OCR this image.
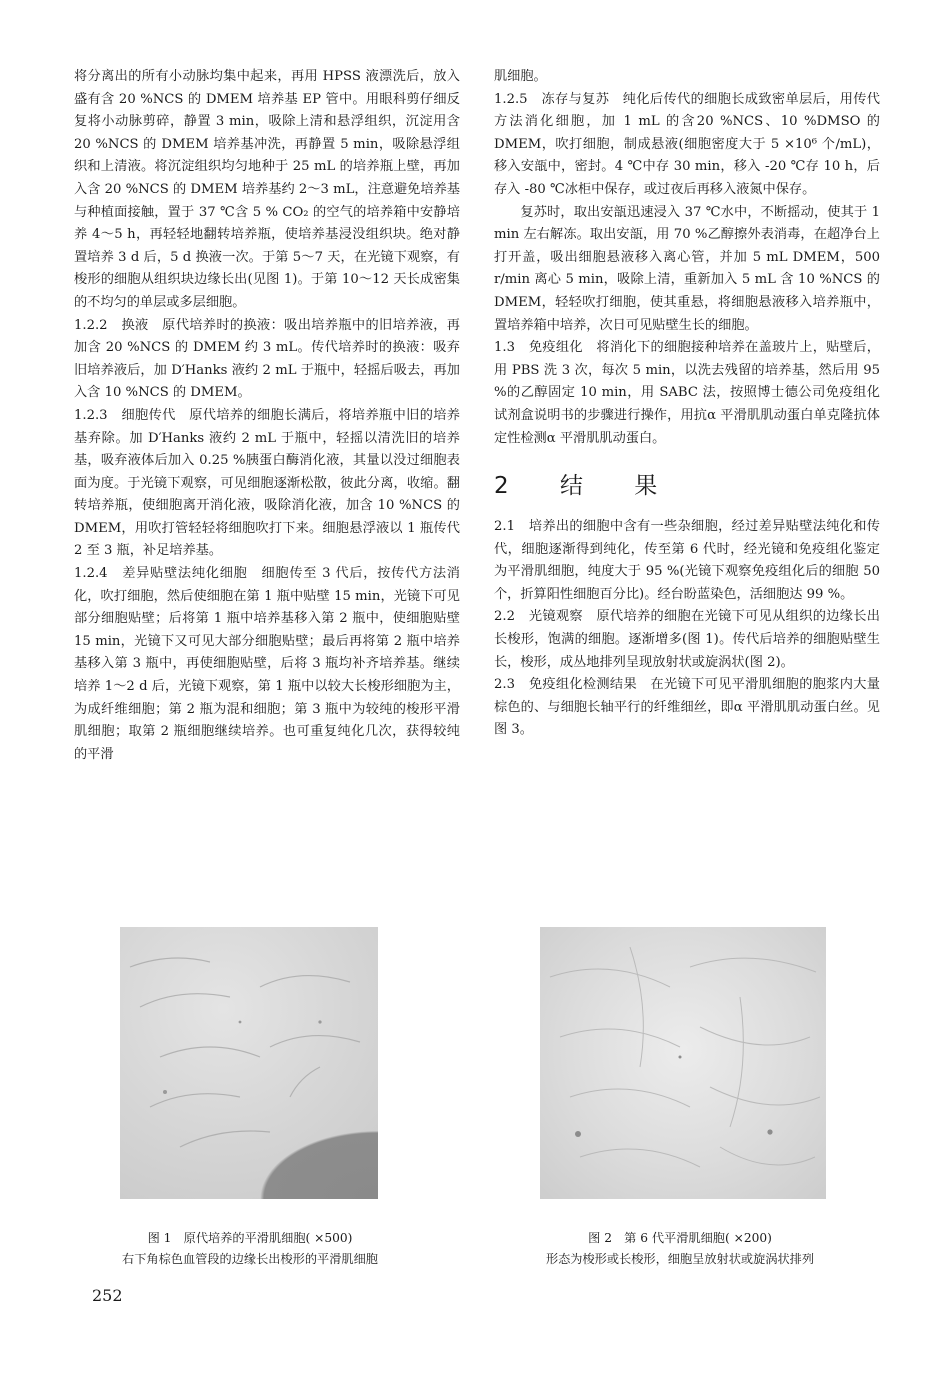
将分离出的所有小动脉均集中起来，再用 HPSS 液漂洗后，放入盛有含 20 %NCS 的 DMEM 培养基 EP 管中。用眼科剪仔细反复将小动脉剪碎，静置 3 min，吸除上清和悬浮组织，沉淀用含 20 %NCS 的 DMEM 培养基冲洗，再静置 5 min，吸除悬浮组织和上清液。将沉淀组织均匀地种于 25 mL 的培养瓶上壁，再加入含 20 %NCS 的 DMEM 培养基约 2～3 mL，注意避免培养基与种植面接触，置于 37 ℃含 5 % CO₂ 的空气的培养箱中安静培养 4～5 h，再轻轻地翻转培养瓶，使培养基浸没组织块。绝对静置培养 3 d 后，5 d 换液一次。于第 5～7 天，在光镜下观察，有梭形的细胞从组织块边缘长出(见图 1)。于第 10～12 天长成密集的不均匀的单层或多层细胞。

1.2.2　换液　原代培养时的换液：吸出培养瓶中的旧培养液，再加含 20 %NCS 的 DMEM 约 3 mL。传代培养时的换液：吸弃旧培养液后，加 D′Hanks 液约 2 mL 于瓶中，轻摇后吸去，再加入含 10 %NCS 的 DMEM。

1.2.3　细胞传代　原代培养的细胞长满后，将培养瓶中旧的培养基弃除。加 D′Hanks 液约 2 mL 于瓶中，轻摇以清洗旧的培养基，吸弃液体后加入 0.25 %胰蛋白酶消化液，其量以没过细胞表面为度。于光镜下观察，可见细胞逐渐松散，彼此分离，收缩。翻转培养瓶，使细胞离开消化液，吸除消化液，加含 10 %NCS 的 DMEM，用吹打管轻轻将细胞吹打下来。细胞悬浮液以 1 瓶传代 2 至 3 瓶，补足培养基。

1.2.4　差异贴壁法纯化细胞　细胞传至 3 代后，按传代方法消化，吹打细胞，然后使细胞在第 1 瓶中贴壁 15 min，光镜下可见部分细胞贴壁；后将第 1 瓶中培养基移入第 2 瓶中，使细胞贴壁 15 min，光镜下又可见大部分细胞贴壁；最后再将第 2 瓶中培养基移入第 3 瓶中，再使细胞贴壁，后将 3 瓶均补齐培养基。继续培养 1～2 d 后，光镜下观察，第 1 瓶中以较大长梭形细胞为主，为成纤维细胞；第 2 瓶为混和细胞；第 3 瓶中为较纯的梭形平滑肌细胞；取第 2 瓶细胞继续培养。也可重复纯化几次，获得较纯的平滑

肌细胞。

1.2.5　冻存与复苏　纯化后传代的细胞长成致密单层后，用传代方法消化细胞，加 1 mL 的含20 %NCS、10 %DMSO 的 DMEM，吹打细胞，制成悬液(细胞密度大于 5 ×10⁶ 个/mL)，移入安瓿中，密封。4 ℃中存 30 min，移入 -20 ℃存 10 h，后存入 -80 ℃冰柜中保存，或过夜后再移入液氮中保存。

复苏时，取出安瓿迅速浸入 37 ℃水中，不断摇动，使其于 1 min 左右解冻。取出安瓿，用 70 %乙醇擦外表消毒，在超净台上打开盖，吸出细胞悬液移入离心管，并加 5 mL DMEM，500 r/min 离心 5 min，吸除上清，重新加入 5 mL 含 10 %NCS 的 DMEM，轻轻吹打细胞，使其重悬，将细胞悬液移入培养瓶中，置培养箱中培养，次日可见贴壁生长的细胞。

1.3　免疫组化　将消化下的细胞接种培养在盖玻片上，贴壁后，用 PBS 洗 3 次，每次 5 min，以洗去残留的培养基，然后用 95 %的乙醇固定 10 min，用 SABC 法，按照博士德公司免疫组化试剂盒说明书的步骤进行操作，用抗α 平滑肌肌动蛋白单克隆抗体定性检测α 平滑肌肌动蛋白。

2 结 果

2.1　培养出的细胞中含有一些杂细胞，经过差异贴壁法纯化和传代，细胞逐渐得到纯化，传至第 6 代时，经光镜和免疫组化鉴定为平滑肌细胞，纯度大于 95 %(光镜下观察免疫组化后的细胞 50 个，折算阳性细胞百分比)。经台盼蓝染色，活细胞达 99 %。

2.2　光镜观察　原代培养的细胞在光镜下可见从组织的边缘长出长梭形，饱满的细胞。逐渐增多(图 1)。传代后培养的细胞贴壁生长，梭形，成丛地排列呈现放射状或旋涡状(图 2)。

2.3　免疫组化检测结果　在光镜下可见平滑肌细胞的胞浆内大量棕色的、与细胞长轴平行的纤维细丝，即α 平滑肌肌动蛋白丝。见图 3。

图 1　原代培养的平滑肌细胞( ×500)
右下角棕色血管段的边缘长出梭形的平滑肌细胞
图 2　第 6 代平滑肌细胞( ×200)
形态为梭形或长梭形，细胞呈放射状或旋涡状排列
252
